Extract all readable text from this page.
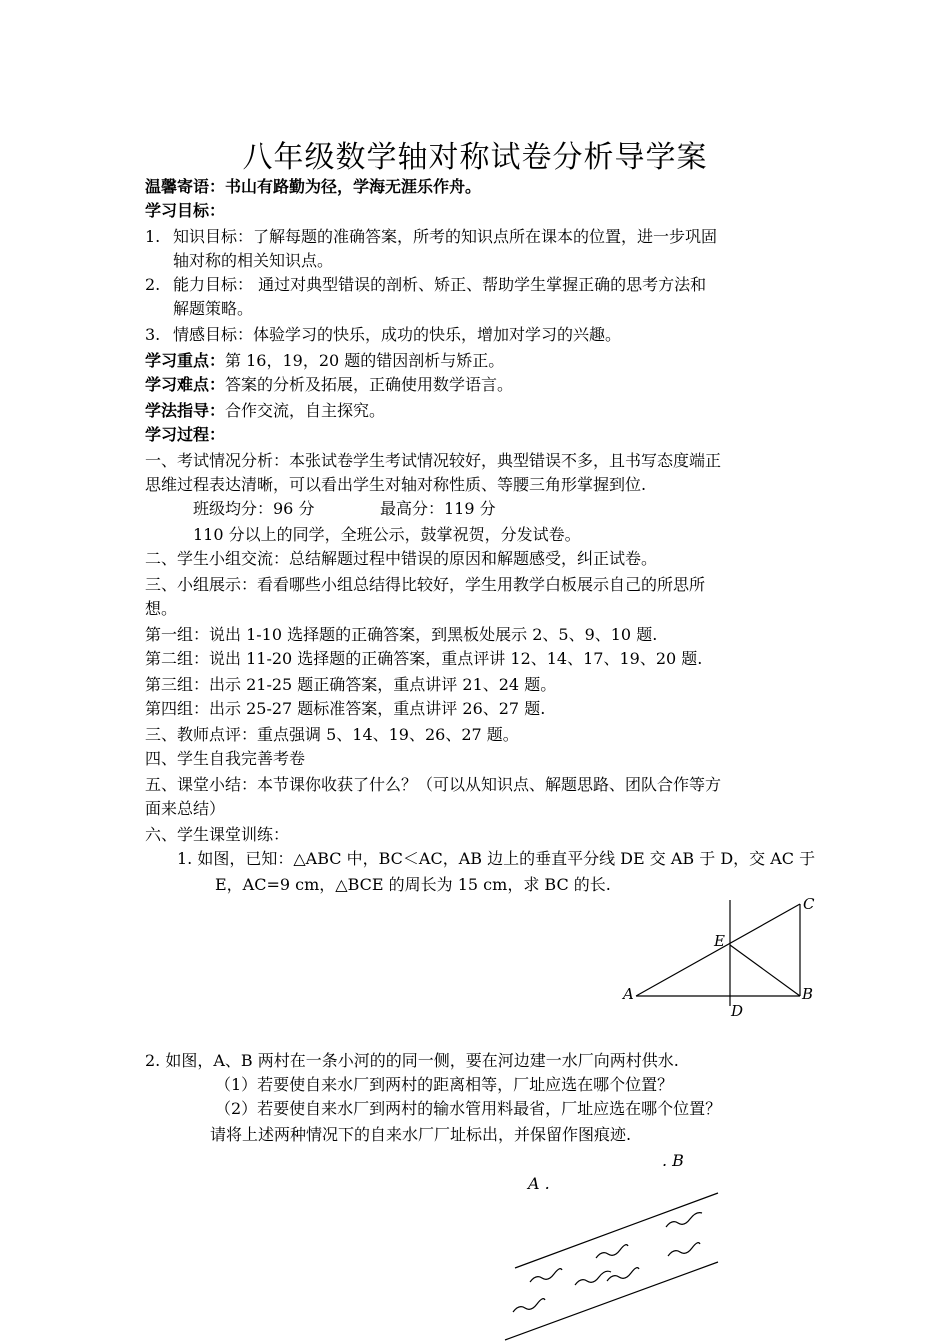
八年级数学轴对称试卷分析导学案
温馨寄语：书山有路勤为径，学海无涯乐作舟。
学习目标：
1. 知识目标：了解每题的准确答案，所考的知识点所在课本的位置，进一步巩固
轴对称的相关知识点。
2. 能力目标： 通过对典型错误的剖析、矫正、帮助学生掌握正确的思考方法和
解题策略。
3. 情感目标：体验学习的快乐，成功的快乐，增加对学习的兴趣。
学习重点：第 16，19，20 题的错因剖析与矫正。
学习难点：答案的分析及拓展，正确使用数学语言。
学法指导：合作交流，自主探究。
学习过程：
一、考试情况分析：本张试卷学生考试情况较好，典型错误不多，且书写态度端正
思维过程表达清晰，可以看出学生对轴对称性质、等腰三角形掌握到位.
班级均分：96 分	最高分：119 分
110 分以上的同学，全班公示，鼓掌祝贺，分发试卷。
二、学生小组交流：总结解题过程中错误的原因和解题感受，纠正试卷。
三、小组展示：看看哪些小组总结得比较好，学生用教学白板展示自己的所思所
想。
第一组：说出 1-10 选择题的正确答案，到黑板处展示 2、5、9、10 题.
第二组：说出 11-20 选择题的正确答案，重点评讲 12、14、17、19、20 题.
第三组：出示 21-25 题正确答案，重点讲评 21、24 题。
第四组：出示 25-27 题标准答案，重点讲评 26、27 题.
三、教师点评：重点强调 5、14、19、26、27 题。
四、学生自我完善考卷
五、课堂小结：本节课你收获了什么？（可以从知识点、解题思路、团队合作等方
面来总结）
六、学生课堂训练：
1. 如图，已知：△ABC 中，BC＜AC，AB 边上的垂直平分线 DE 交 AB 于 D，交 AC 于
E，AC=9 cm，△BCE 的周长为 15 cm，求 BC 的长.
A	B
C
D
E
2. 如图，A、B 两村在一条小河的的同一侧，要在河边建一水厂向两村供水.
（1）若要使自来水厂到两村的距离相等，厂址应选在哪个位置？
（2）若要使自来水厂到两村的输水管用料最省，厂址应选在哪个位置？
请将上述两种情况下的自来水厂厂址标出，并保留作图痕迹.
. B
A .
